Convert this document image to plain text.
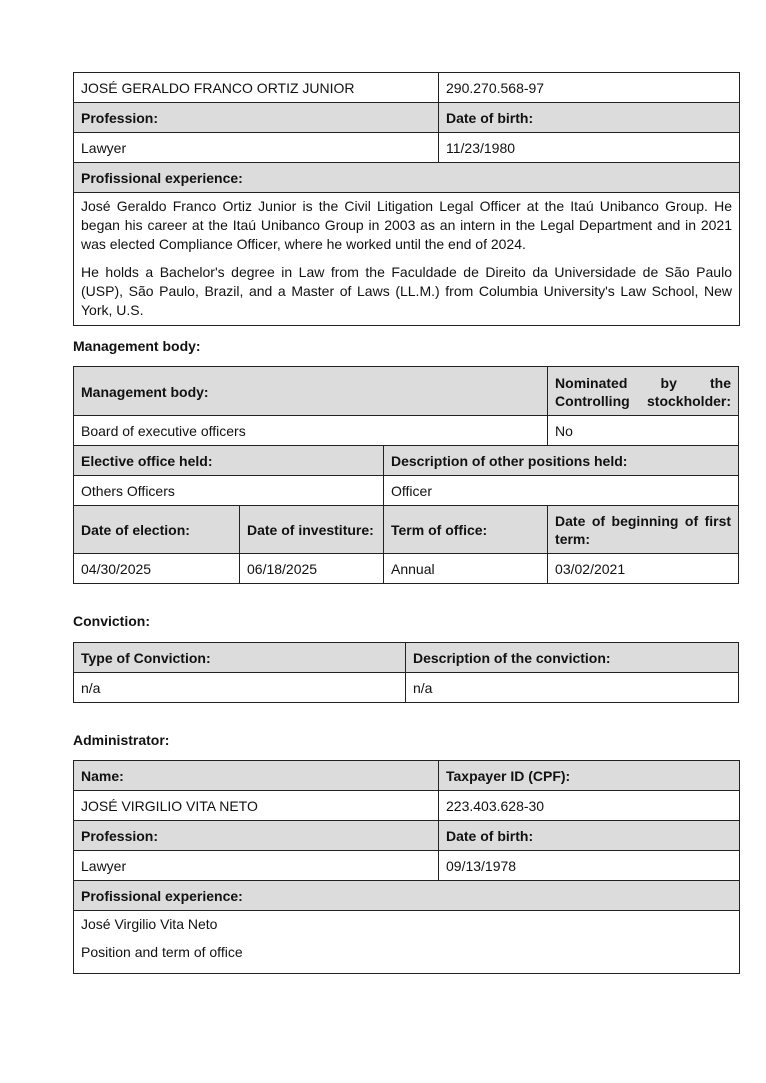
JOSÉ GERALDO FRANCO ORTIZ JUNIOR	290.270.568-97
Profession:	Date of birth:
Lawyer	11/23/1980
Profissional experience:	

José Geraldo Franco Ortiz Junior is the Civil Litigation Legal Officer at the Itaú Unibanco Group. He began his career at the Itaú Unibanco Group in 2003 as an intern in the Legal Department and in 2021 was elected Compliance Officer, where he worked until the end of 2024.

He holds a Bachelor's degree in Law from the Faculdade de Direito da Universidade de São Paulo (USP), São Paulo, Brazil, and a Master of Laws (LL.M.) from Columbia University's Law School, New York, U.S.	

Management body:
Management body:			Nominated by the Controlling stockholder:
Board of executive officers			No
Elective office held:		Description of other positions held:	
Others Officers		Officer	
Date of election:	Date of investiture:	Term of office:	Date of beginning of first term:
04/30/2025	06/18/2025	Annual	03/02/2021
Conviction:
Type of Conviction:	Description of the conviction:
n/a	n/a
Administrator:
Name:	Taxpayer ID (CPF):
JOSÉ VIRGILIO VITA NETO	223.403.628-30
Profession:	Date of birth:
Lawyer	09/13/1978
Profissional experience:	

José Virgilio Vita Neto

Position and term of office	
